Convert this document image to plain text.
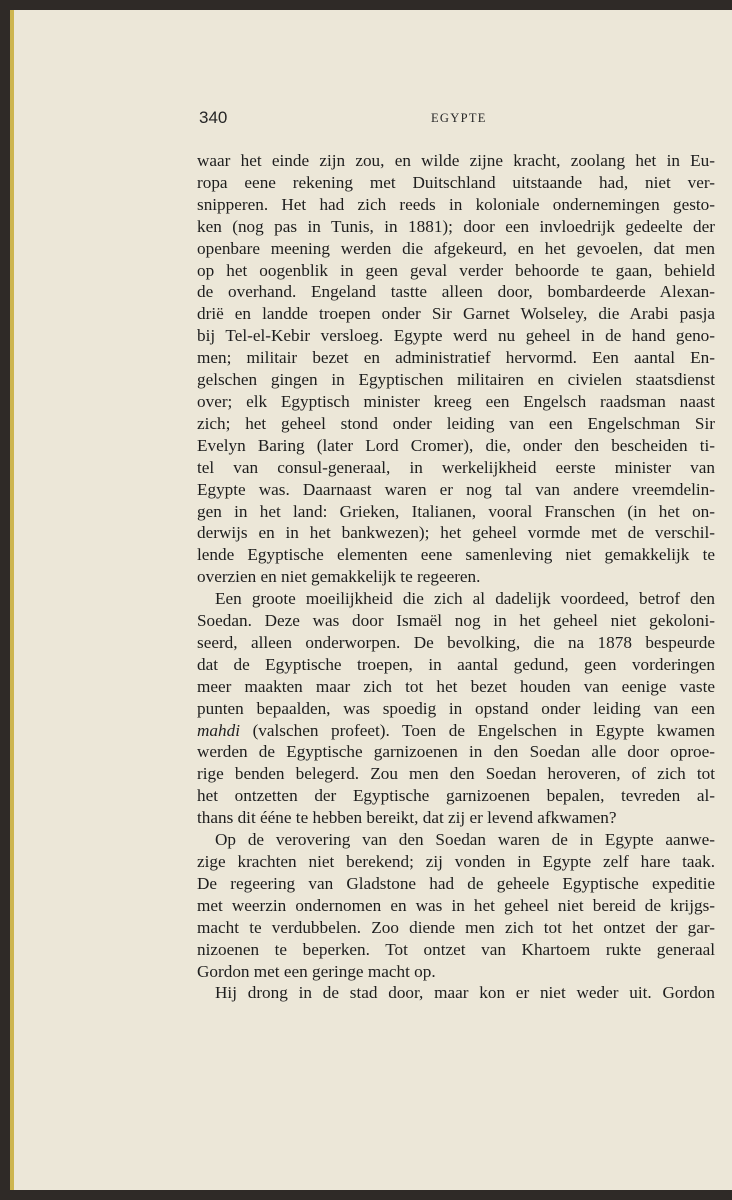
340	EGYPTE
waar het einde zijn zou, en wilde zijne kracht, zoolang het in Eu-
ropa eene rekening met Duitschland uitstaande had, niet ver-
snipperen. Het had zich reeds in koloniale ondernemingen gesto-
ken (nog pas in Tunis, in 1881); door een invloedrijk gedeelte der
openbare meening werden die afgekeurd, en het gevoelen, dat men
op het oogenblik in geen geval verder behoorde te gaan, behield
de overhand. Engeland tastte alleen door, bombardeerde Alexan-
drië en landde troepen onder Sir Garnet Wolseley, die Arabi pasja
bij Tel-el-Kebir versloeg. Egypte werd nu geheel in de hand geno-
men; militair bezet en administratief hervormd. Een aantal En-
gelschen gingen in Egyptischen militairen en civielen staatsdienst
over; elk Egyptisch minister kreeg een Engelsch raadsman naast
zich; het geheel stond onder leiding van een Engelschman Sir
Evelyn Baring (later Lord Cromer), die, onder den bescheiden ti-
tel van consul-generaal, in werkelijkheid eerste minister van
Egypte was. Daarnaast waren er nog tal van andere vreemdelin-
gen in het land: Grieken, Italianen, vooral Franschen (in het on-
derwijs en in het bankwezen); het geheel vormde met de verschil-
lende Egyptische elementen eene samenleving niet gemakkelijk te
overzien en niet gemakkelijk te regeeren.
Een groote moeilijkheid die zich al dadelijk voordeed, betrof den
Soedan. Deze was door Ismaël nog in het geheel niet gekoloni-
seerd, alleen onderworpen. De bevolking, die na 1878 bespeurde
dat de Egyptische troepen, in aantal gedund, geen vorderingen
meer maakten maar zich tot het bezet houden van eenige vaste
punten bepaalden, was spoedig in opstand onder leiding van een
mahdi (valschen profeet). Toen de Engelschen in Egypte kwamen
werden de Egyptische garnizoenen in den Soedan alle door oproe-
rige benden belegerd. Zou men den Soedan heroveren, of zich tot
het ontzetten der Egyptische garnizoenen bepalen, tevreden al-
thans dit ééne te hebben bereikt, dat zij er levend afkwamen?
Op de verovering van den Soedan waren de in Egypte aanwe-
zige krachten niet berekend; zij vonden in Egypte zelf hare taak.
De regeering van Gladstone had de geheele Egyptische expeditie
met weerzin ondernomen en was in het geheel niet bereid de krijgs-
macht te verdubbelen. Zoo diende men zich tot het ontzet der gar-
nizoenen te beperken. Tot ontzet van Khartoem rukte generaal
Gordon met een geringe macht op.
Hij drong in de stad door, maar kon er niet weder uit. Gordon
